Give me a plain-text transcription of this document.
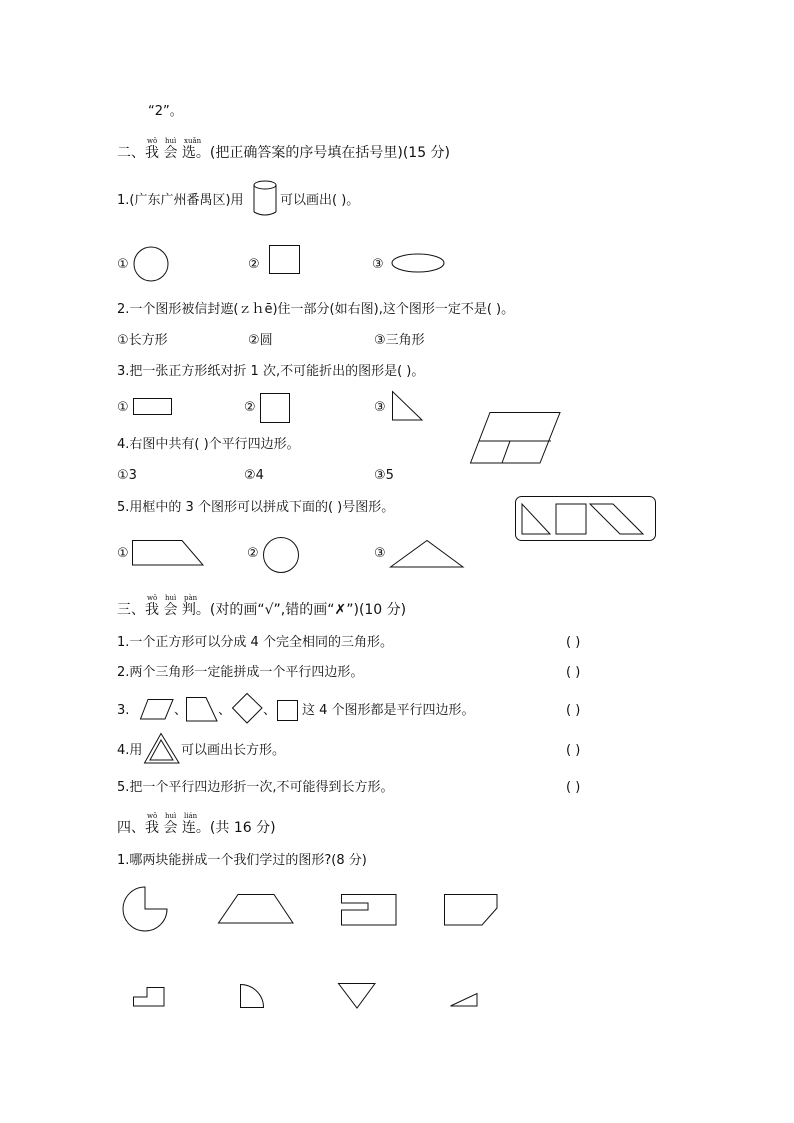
“2”。
wǒ huì xuǎn
二、我 会 选。(把正确答案的序号填在括号里)(15 分)
1.(广东广州番禺区)用	可以画出( )。
①	②	③
2.一个图形被信封遮(ｚｈē)住一部分(如右图),这个图形一定不是( )。
①长方形	②圆	③三角形
3.把一张正方形纸对折 1 次,不可能折出的图形是( )。
①	②	③
4.右图中共有( )个平行四边形。
①3	②4	③5
5.用框中的 3 个图形可以拼成下面的( )号图形。
①	②	③
wǒ huì pàn
三、我 会 判。(对的画“√”,错的画“✗”)(10 分)
1.一个正方形可以分成 4 个完全相同的三角形。	( )
2.两个三角形一定能拼成一个平行四边形。	( )
3.	、 、 、 这 4 个图形都是平行四边形。	( )
4.用	可以画出长方形。	( )
5.把一个平行四边形折一次,不可能得到长方形。	( )
wǒ huì lián
四、我 会 连。(共 16 分)
1.哪两块能拼成一个我们学过的图形?(8 分)
